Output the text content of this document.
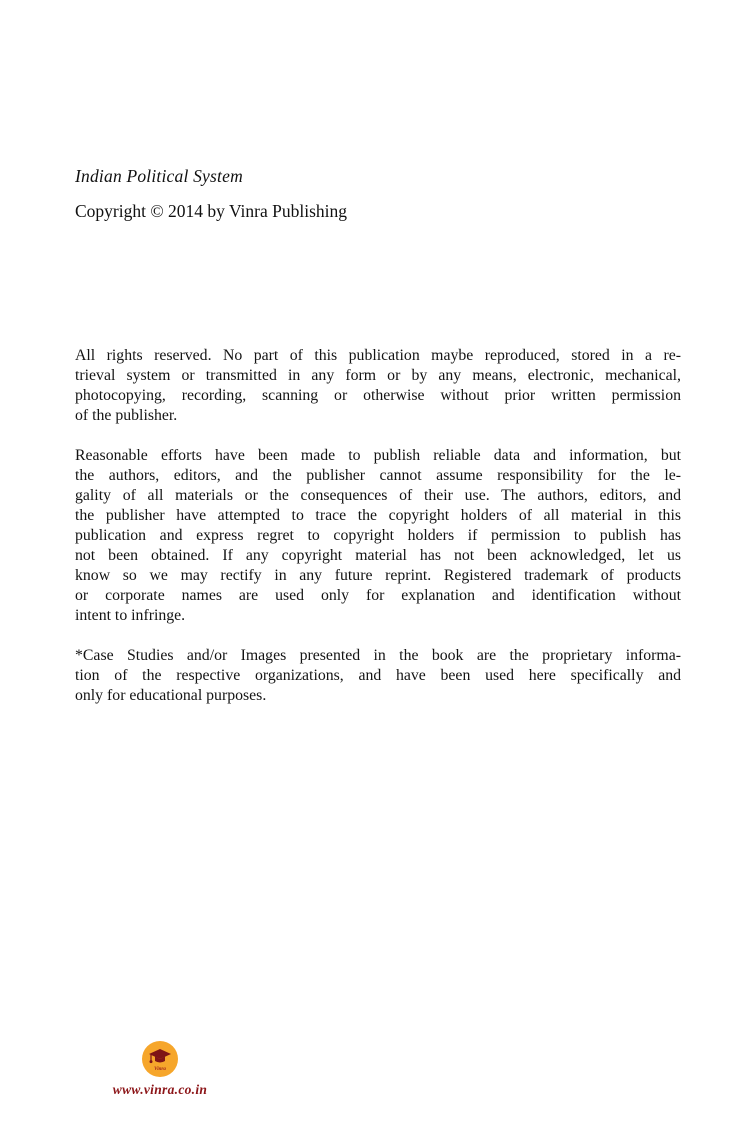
Indian Political System
Copyright © 2014 by Vinra Publishing
All rights reserved. No part of this publication maybe reproduced, stored in a re-
trieval system or transmitted in any form or by any means, electronic, mechanical,
photocopying, recording, scanning or otherwise without prior written permission
of the publisher.
Reasonable efforts have been made to publish reliable data and information, but
the authors, editors, and the publisher cannot assume responsibility for the le-
gality of all materials or the consequences of their use. The authors, editors, and
the publisher have attempted to trace the copyright holders of all material in this
publication and express regret to copyright holders if permission to publish has
not been obtained. If any copyright material has not been acknowledged, let us
know so we may rectify in any future reprint. Registered trademark of products
or corporate names are used only for explanation and identification without
intent to infringe.
*Case Studies and/or Images presented in the book are the proprietary informa-
tion of the respective organizations, and have been used here specifically and
only for educational purposes.
Vinra
www.vinra.co.in
